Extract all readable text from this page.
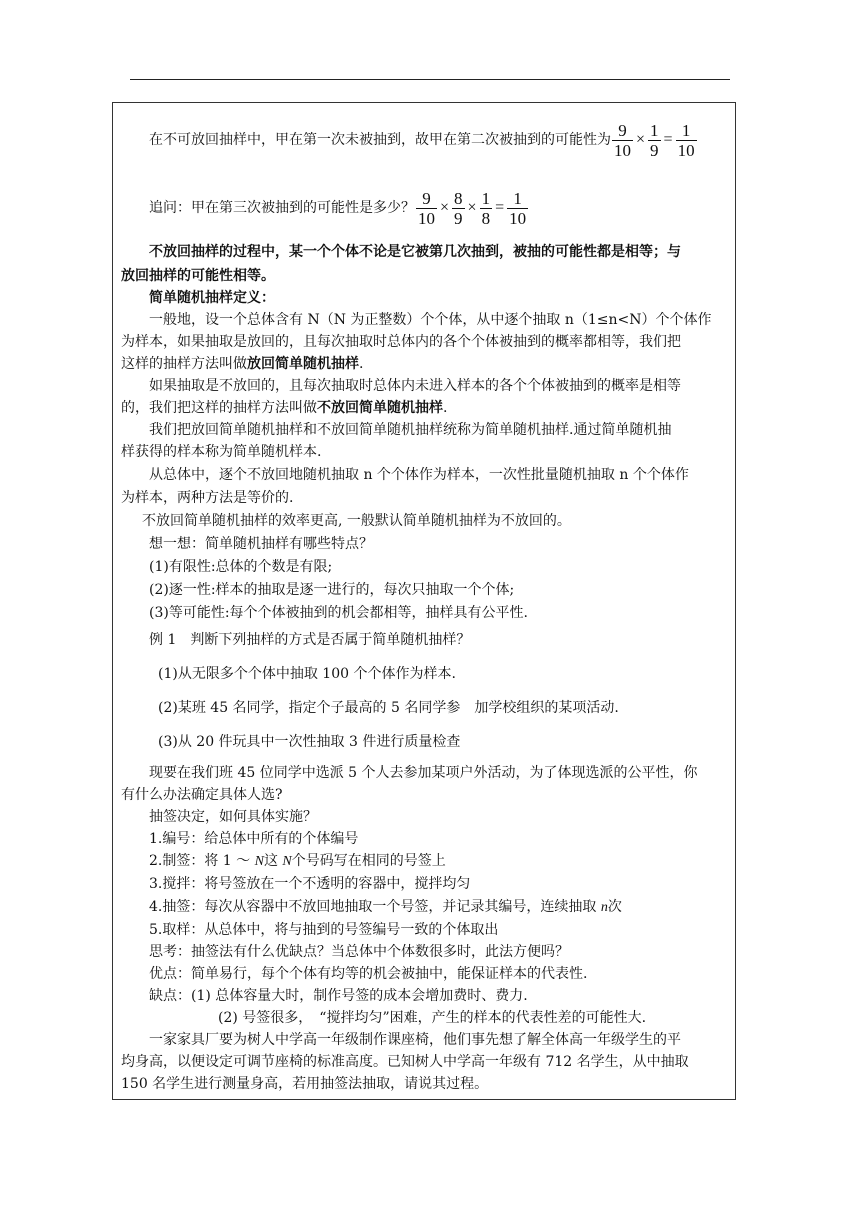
在不可放回抽样中，甲在第一次未被抽到，故甲在第二次被抽到的可能性为 $\frac{9}{10} \times \frac{1}{9} = \frac{1}{10}$
追问：甲在第三次被抽到的可能性是多少？ $\frac{9}{10} \times \frac{8}{9} \times \frac{1}{8} = \frac{1}{10}$
不放回抽样的过程中，某一个个体不论是它被第几次抽到，被抽的可能性都是相等；与
放回抽样的可能性相等。
简单随机抽样定义：
一般地，设一个总体含有 N（N 为正整数）个个体，从中逐个抽取 n（1≤n<N）个个体作
为样本，如果抽取是放回的，且每次抽取时总体内的各个个体被抽到的概率都相等，我们把
这样的抽样方法叫做放回简单随机抽样.
如果抽取是不放回的，且每次抽取时总体内未进入样本的各个个体被抽到的概率是相等
的，我们把这样的抽样方法叫做不放回简单随机抽样.
我们把放回简单随机抽样和不放回简单随机抽样统称为简单随机抽样.通过简单随机抽
样获得的样本称为简单随机样本.
从总体中，逐个不放回地随机抽取 n 个个体作为样本，一次性批量随机抽取 n 个个体作
为样本，两种方法是等价的.
不放回简单随机抽样的效率更高, 一般默认简单随机抽样为不放回的。
想一想：简单随机抽样有哪些特点？
(1)有限性:总体的个数是有限;
(2)逐一性:样本的抽取是逐一进行的，每次只抽取一个个体;
(3)等可能性:每个个体被抽到的机会都相等，抽样具有公平性.
例 1　判断下列抽样的方式是否属于简单随机抽样？
(1)从无限多个个体中抽取 100 个个体作为样本.
(2)某班 45 名同学，指定个子最高的 5 名同学参　加学校组织的某项活动.
(3)从 20 件玩具中一次性抽取 3 件进行质量检查
现要在我们班 45 位同学中选派 5 个人去参加某项户外活动，为了体现选派的公平性，你
有什么办法确定具体人选?
抽签决定，如何具体实施？
1.编号：给总体中所有的个体编号
2.制签：将 1 ～ N这 N个号码写在相同的号签上
3.搅拌：将号签放在一个不透明的容器中，搅拌均匀
4.抽签：每次从容器中不放回地抽取一个号签，并记录其编号，连续抽取 n次
5.取样：从总体中，将与抽到的号签编号一致的个体取出
思考：抽签法有什么优缺点？当总体中个体数很多时，此法方便吗？
优点：简单易行，每个个体有均等的机会被抽中，能保证样本的代表性.
缺点：(1) 总体容量大时，制作号签的成本会增加费时、费力.
(2) 号签很多，　“搅拌均匀”困难，产生的样本的代表性差的可能性大.
一家家具厂要为树人中学高一年级制作课座椅，他们事先想了解全体高一年级学生的平
均身高，以便设定可调节座椅的标准高度。已知树人中学高一年级有 712 名学生，从中抽取
150 名学生进行测量身高，若用抽签法抽取，请说其过程。
